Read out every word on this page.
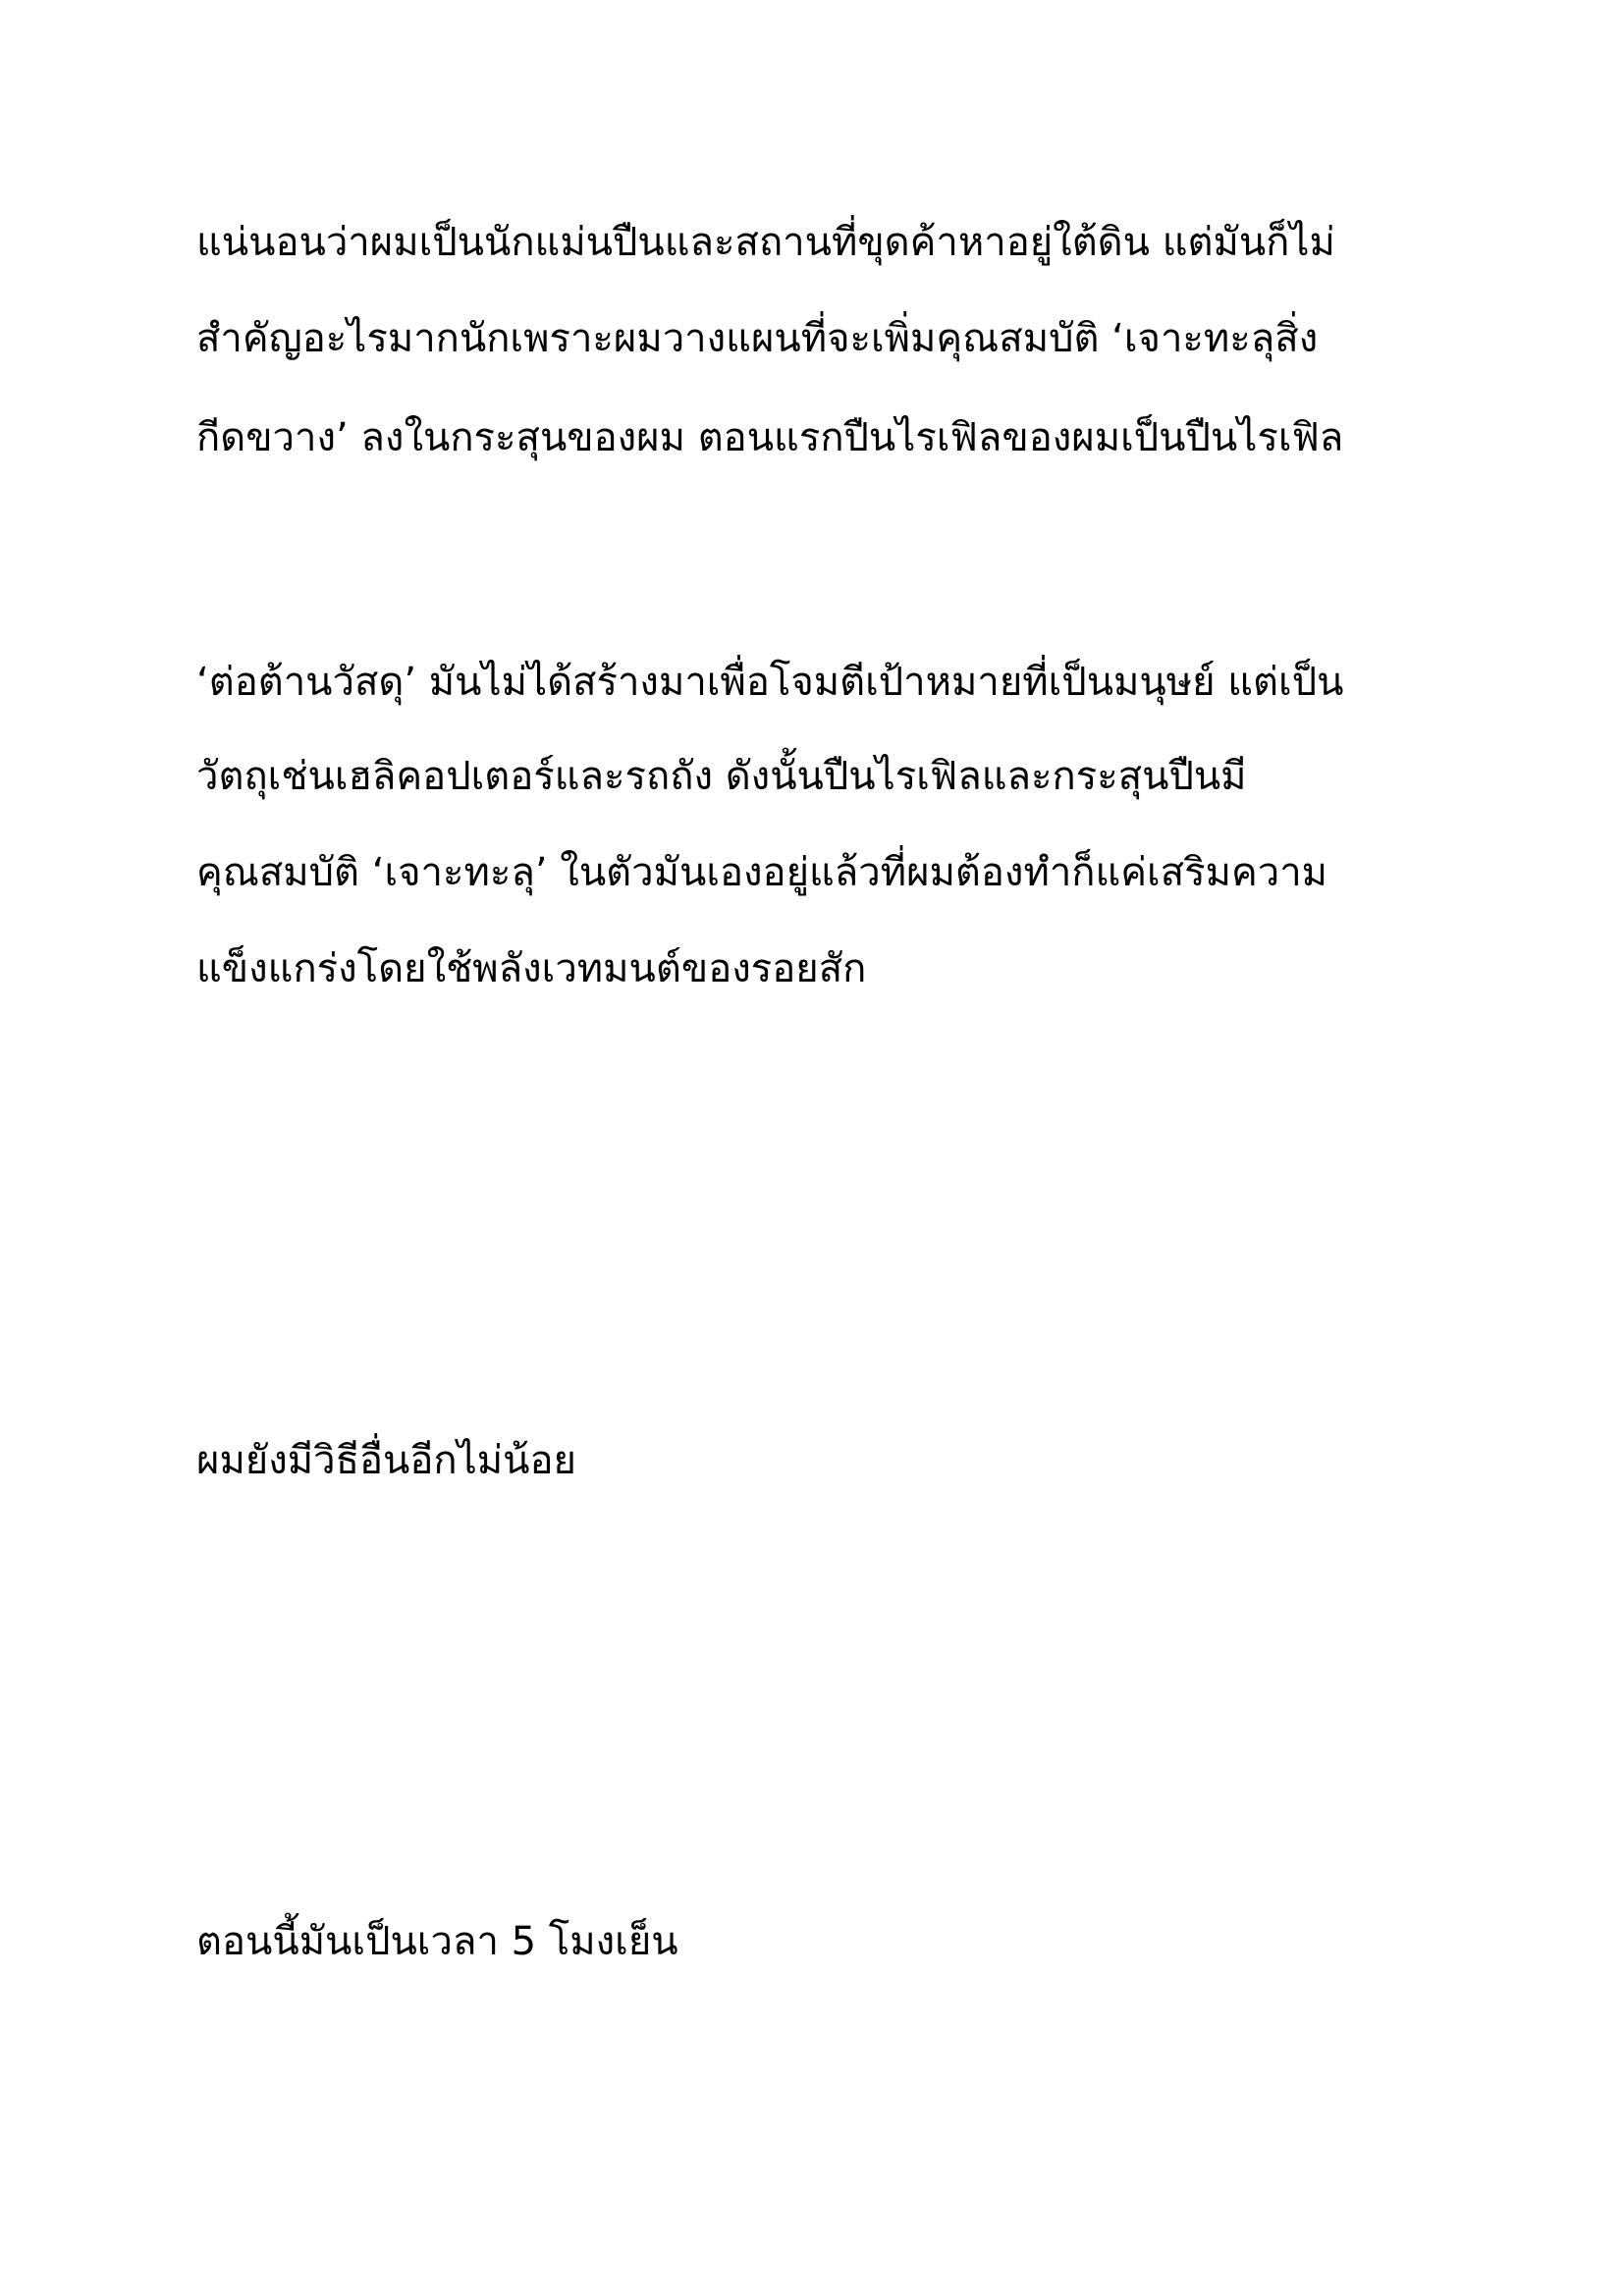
แน่นอนว่าผมเป็นนักแม่นปืนและสถานที่ขุดค้าหาอยู่ใต้ดิน แต่มันก็ไม่
สำคัญอะไรมากนักเพราะผมวางแผนที่จะเพิ่มคุณสมบัติ ‘เจาะทะลุสิ่ง
กีดขวาง’ ลงในกระสุนของผม ตอนแรกปืนไรเฟิลของผมเป็นปืนไรเฟิล
‘ต่อต้านวัสดุ’ มันไม่ได้สร้างมาเพื่อโจมตีเป้าหมายที่เป็นมนุษย์ แต่เป็น
วัตถุเช่นเฮลิคอปเตอร์และรถถัง ดังนั้นปืนไรเฟิลและกระสุนปืนมี
คุณสมบัติ ‘เจาะทะลุ’ ในตัวมันเองอยู่แล้วที่ผมต้องทำก็แค่เสริมความ
แข็งแกร่งโดยใช้พลังเวทมนต์ของรอยสัก
ผมยังมีวิธีอื่นอีกไม่น้อย
ตอนนี้มันเป็นเวลา 5 โมงเย็น
